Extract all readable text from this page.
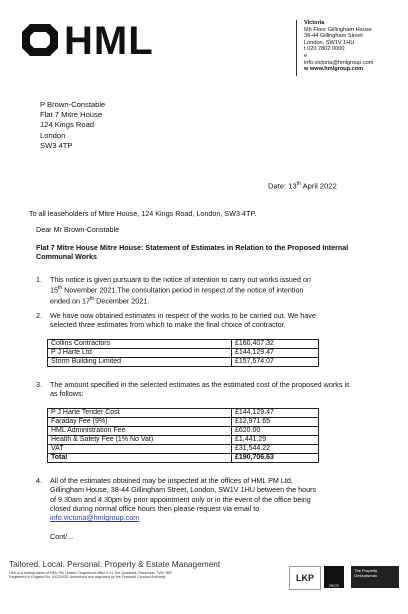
HML	Victoria
6th Floor Gillingham House
38-44 Gillingham Street
London, SW1V 1HU
t 020 7802 0000
e
info.victoria@hmlgroup.com
w www.hmlgroup.com
P Brown-Constable
Flat 7 Mitre House
124 Kings Road
London
SW3 4TP
Date: 13th April 2022
To all leaseholders of Mitre House, 124 Kings Road, London, SW3 4TP.
Dear Mr Brown-Constable
Flat 7 Mitre House Mitre House: Statement of Estimates in Relation to the Proposed Internal Communal Works
1. This notice is given pursuant to the notice of intention to carry out works issued on
15th November 2021.The consultation period in respect of the notice of intention
ended on 17th December 2021.
2. We have now obtained estimates in respect of the works to be carried out. We have
selected three estimates from which to make the final choice of contractor.
Collins Contractors	£160,407.32
P J Harte Ltd	£144,129.47
Storm Building Limited	£157,574.07
3. The amount specified in the selected estimates as the estimated cost of the proposed works is
as follows:
P J Harte Tender Cost	£144,129.47
Faraday Fee (9%)	£12,971.65
HML Administration Fee	£620.00
Health & Safety Fee (1% No Vat)	£1,441.29
VAT	£31,544.22
Total	£190,706.63
4. All of the estimates obtained may be inspected at the offices of HML PM Ltd,
Gillingham House, 38-44 Gillingham Street, London, SW1V 1HU between the hours
of 9.30am and 4.30pm by prior appointment only or in the event of the office being
closed during normal office hours then please request via email to
info.victoria@hmlgroup.com
Cont/...
Tailored. Local. Personal. Property & Estate Management
HML is a trading name of HML PM Limited. Registered office 9-11 The Quadrant, Richmond, TW9 1BP.
Registered in England No. 04231933. Authorised and regulated by the Financial Conduct Authority.	LKP
RICS
The Property Ombudsman
